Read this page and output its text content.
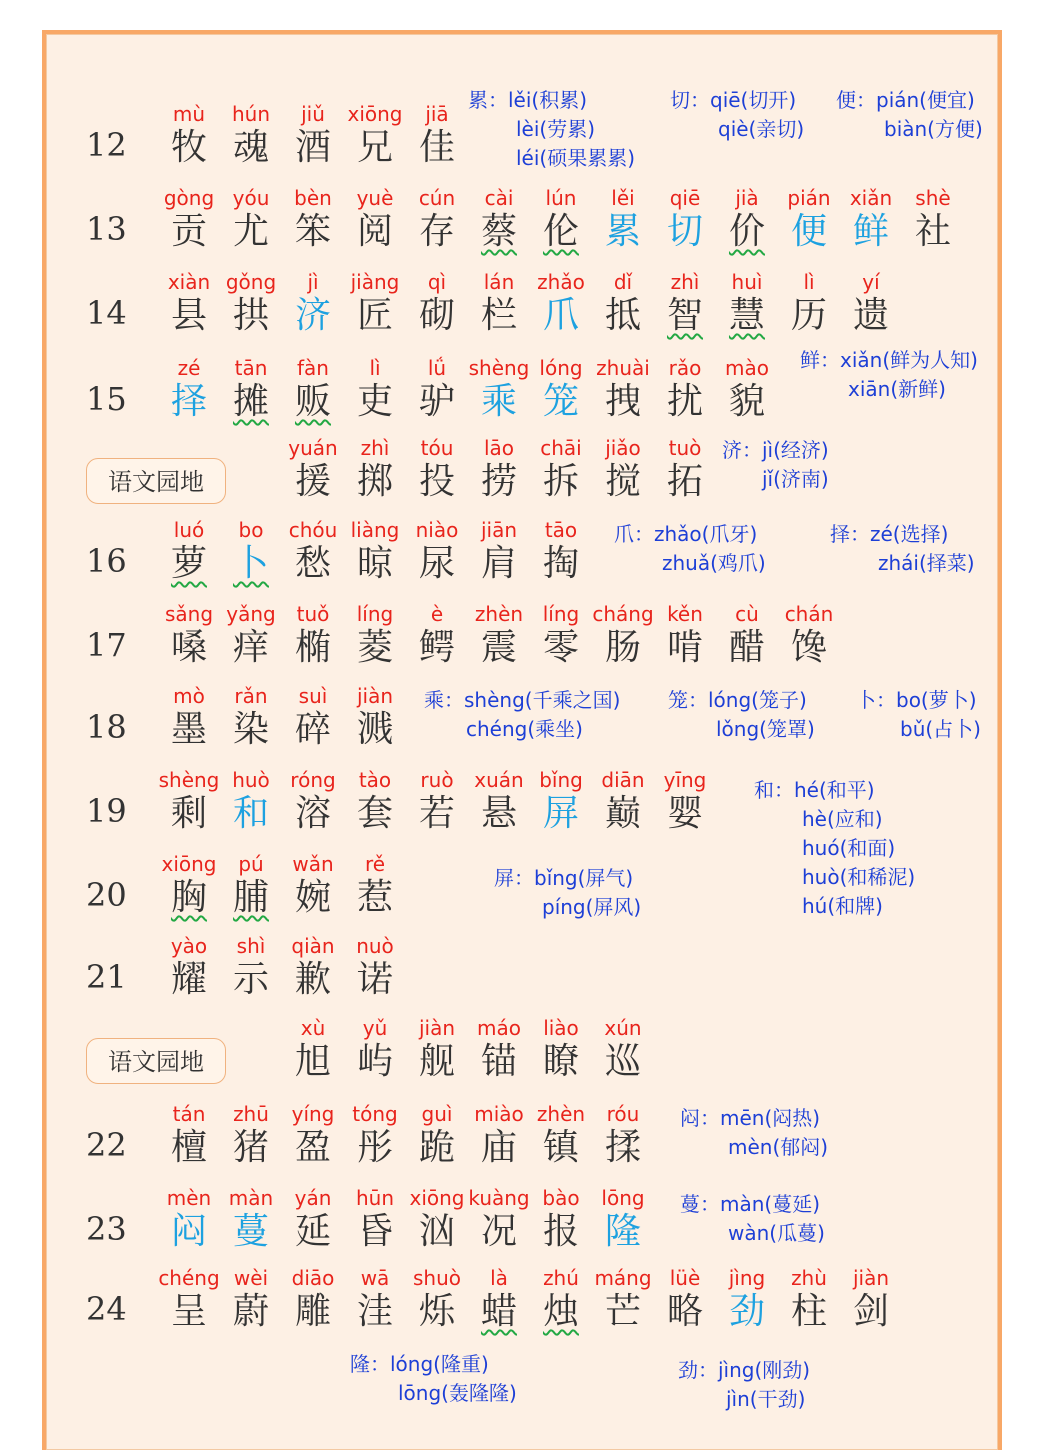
12
mù
牧
hún
魂
jiǔ
酒
xiōng
兄
jiā
佳
13
gòng
贡
yóu
尤
bèn
笨
yuè
阅
cún
存
cài
蔡
lún
伦
lěi
累
qiē
切
jià
价
pián
便
xiǎn
鲜
shè
社
14
xiàn
县
gǒng
拱
jì
济
jiàng
匠
qì
砌
lán
栏
zhǎo
爪
dǐ
抵
zhì
智
huì
慧
lì
历
yí
遗
15
zé
择
tān
摊
fàn
贩
lì
吏
lǘ
驴
shèng
乘
lóng
笼
zhuài
拽
rǎo
扰
mào
貌
yuán
援
zhì
掷
tóu
投
lāo
捞
chāi
拆
jiǎo
搅
tuò
拓
16
luó
萝
bo
卜
chóu
愁
liàng
晾
niào
尿
jiān
肩
tāo
掏
17
sǎng
嗓
yǎng
痒
tuǒ
椭
líng
菱
è
鳄
zhèn
震
líng
零
cháng
肠
kěn
啃
cù
醋
chán
馋
18
mò
墨
rǎn
染
suì
碎
jiàn
溅
19
shèng
剩
huò
和
róng
溶
tào
套
ruò
若
xuán
悬
bǐng
屏
diān
巅
yīng
婴
20
xiōng
胸
pú
脯
wǎn
婉
rě
惹
21
yào
耀
shì
示
qiàn
歉
nuò
诺
xù
旭
yǔ
屿
jiàn
舰
máo
锚
liào
瞭
xún
巡
22
tán
檀
zhū
猪
yíng
盈
tóng
彤
guì
跪
miào
庙
zhèn
镇
róu
揉
23
mèn
闷
màn
蔓
yán
延
hūn
昏
xiōng
汹
kuàng
况
bào
报
lōng
隆
24
chéng
呈
wèi
蔚
diāo
雕
wā
洼
shuò
烁
là
蜡
zhú
烛
máng
芒
lüè
略
jìng
劲
zhù
柱
jiàn
剑
语文园地
语文园地
累：lěi(积累)
lèi(劳累)
léi(硕果累累)
切：qiē(切开)
qiè(亲切)
便：pián(便宜)
biàn(方便)
鲜：xiǎn(鲜为人知)
xiān(新鲜)
济：jì(经济)
jǐ(济南)
爪：zhǎo(爪牙)
zhuǎ(鸡爪)
择：zé(选择)
zhái(择菜)
乘：shèng(千乘之国)
chéng(乘坐)
笼：lóng(笼子)
lǒng(笼罩)
卜：bo(萝卜)
bǔ(占卜)
和：hé(和平)
hè(应和)
huó(和面)
huò(和稀泥)
hú(和牌)
屏：bǐng(屏气)
píng(屏风)
闷：mēn(闷热)
mèn(郁闷)
蔓：màn(蔓延)
wàn(瓜蔓)
隆：lóng(隆重)
lōng(轰隆隆)
劲：jìng(刚劲)
jìn(干劲)
